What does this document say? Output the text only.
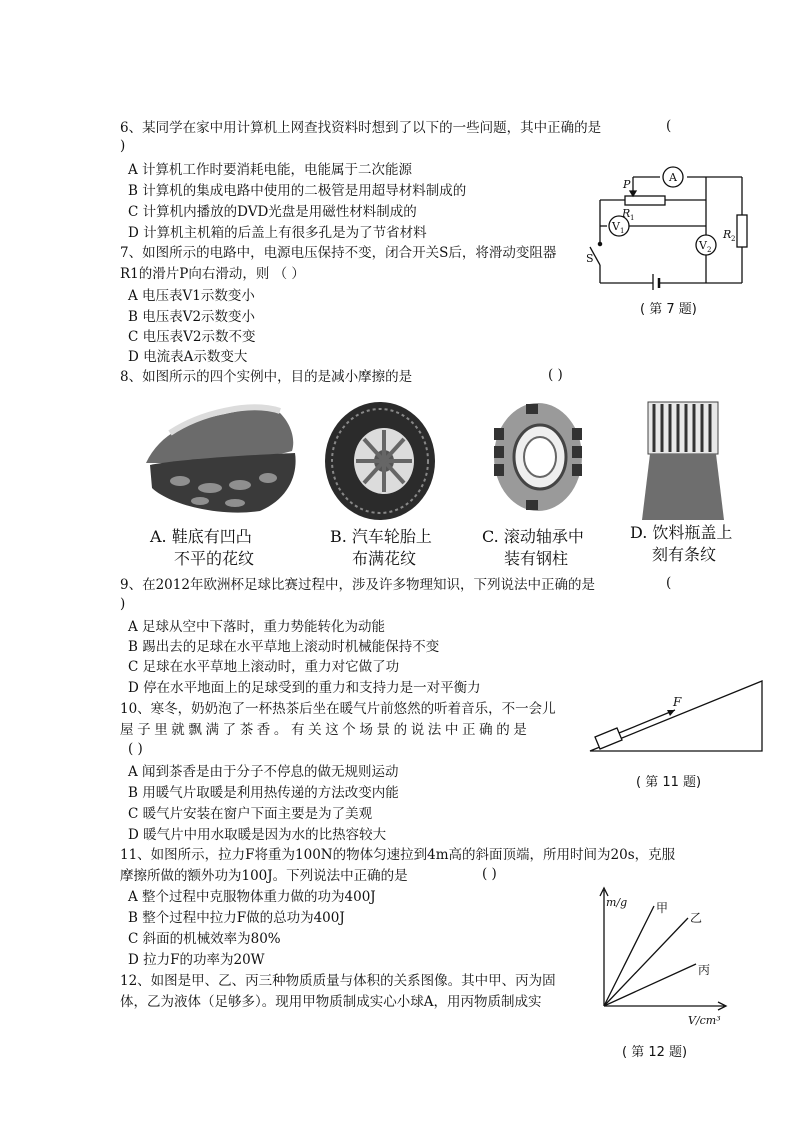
6、某同学在家中用计算机上网查找资料时想到了以下的一些问题，其中正确的是	(
)
A 计算机工作时要消耗电能，电能属于二次能源
B 计算机的集成电路中使用的二极管是用超导材料制成的
C 计算机内播放的DVD光盘是用磁性材料制成的
D 计算机主机箱的后盖上有很多孔是为了节省材料
7、如图所示的电路中，电源电压保持不变，闭合开关S后，将滑动变阻器
R1的滑片P向右滑动，则 （ ）
A 电压表V1示数变小
B 电压表V2示数变小
C 电压表V2示数不变
D 电流表A示数变大
A
P
R 1
V 1
V 2
R 2
S
( 第 7 题)
8、如图所示的四个实例中，目的是减小摩擦的是	( )
A. 鞋底有凹凸
不平的花纹
B. 汽车轮胎上
布满花纹
C. 滚动轴承中
装有钢柱
D. 饮料瓶盖上
刻有条纹
9、在2012年欧洲杯足球比赛过程中，涉及许多物理知识，下列说法中正确的是	(
)
A 足球从空中下落时，重力势能转化为动能
B 踢出去的足球在水平草地上滚动时机械能保持不变
C 足球在水平草地上滚动时，重力对它做了功
D 停在水平地面上的足球受到的重力和支持力是一对平衡力
10、寒冬，奶奶泡了一杯热茶后坐在暖气片前悠然的听着音乐，不一会儿
屋子里就飘满了茶香。有关这个场景的说法中正确的是
( )
A 闻到茶香是由于分子不停息的做无规则运动
B 用暖气片取暖是利用热传递的方法改变内能
C 暖气片安装在窗户下面主要是为了美观
D 暖气片中用水取暖是因为水的比热容较大
F
( 第 11 题)
11、如图所示，拉力F将重为100N的物体匀速拉到4m高的斜面顶端，所用时间为20s，克服
摩擦所做的额外功为100J。下列说法中正确的是	( )
A 整个过程中克服物体重力做的功为400J
B 整个过程中拉力F做的总功为400J
C 斜面的机械效率为80%
D 拉力F的功率为20W
m/g 甲
乙
丙
V/cm³
12、如图是甲、乙、丙三种物质质量与体积的关系图像。其中甲、丙为固
体，乙为液体（足够多）。现用甲物质制成实心小球A，用丙物质制成实
( 第 12 题)
